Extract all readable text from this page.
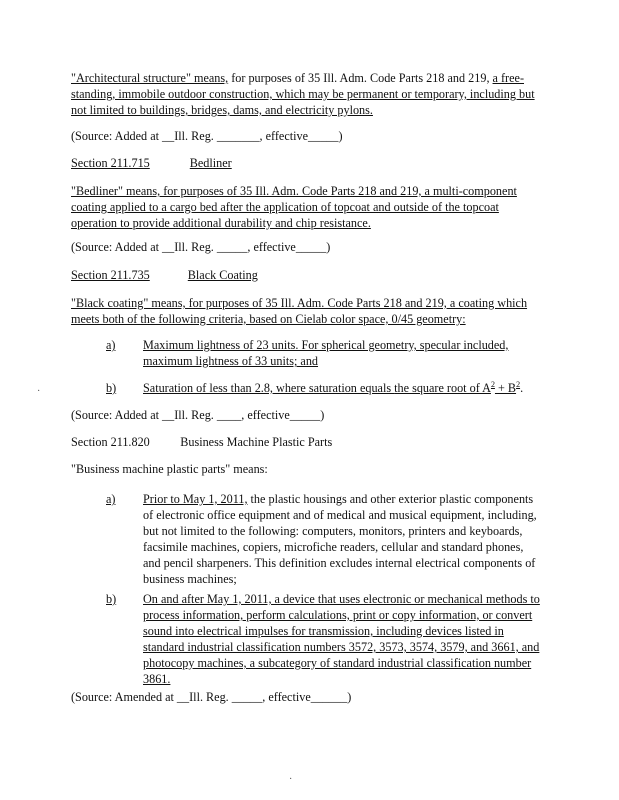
"Architectural structure" means, for purposes of 35 Ill. Adm. Code Parts 218 and 219, a free-standing, immobile outdoor construction, which may be permanent or temporary, including but not limited to buildings, bridges, dams, and electricity pylons.

(Source: Added at __Ill. Reg. _______, effective_____)

Section 211.715	Bedliner

"Bedliner" means, for purposes of 35 Ill. Adm. Code Parts 218 and 219, a multi-component coating applied to a cargo bed after the application of topcoat and outside of the topcoat operation to provide additional durability and chip resistance.

(Source: Added at __Ill. Reg. _____, effective_____)

Section 211.735	Black Coating

"Black coating" means, for purposes of 35 Ill. Adm. Code Parts 218 and 219, a coating which meets both of the following criteria, based on Cielab color space, 0/45 geometry:

a) Maximum lightness of 23 units. For spherical geometry, specular included, maximum lightness of 33 units; and
b) Saturation of less than 2.8, where saturation equals the square root of $A^2 + B^2$.
·

(Source: Added at __Ill. Reg. ____, effective_____)

Section 211.820          Business Machine Plastic Parts

"Business machine plastic parts" means:

a) Prior to May 1, 2011, the plastic housings and other exterior plastic components of electronic office equipment and of medical and musical equipment, including, but not limited to the following: computers, monitors, printers and keyboards, facsimile machines, copiers, microfiche readers, cellular and standard phones, and pencil sharpeners. This definition excludes internal electrical components of business machines;
b) On and after May 1, 2011, a device that uses electronic or mechanical methods to process information, perform calculations, print or copy information, or convert sound into electrical impulses for transmission, including devices listed in standard industrial classification numbers 3572, 3573, 3574, 3579, and 3661, and photocopy machines, a subcategory of standard industrial classification number 3861.

(Source: Amended at __Ill. Reg. _____, effective______)

·
